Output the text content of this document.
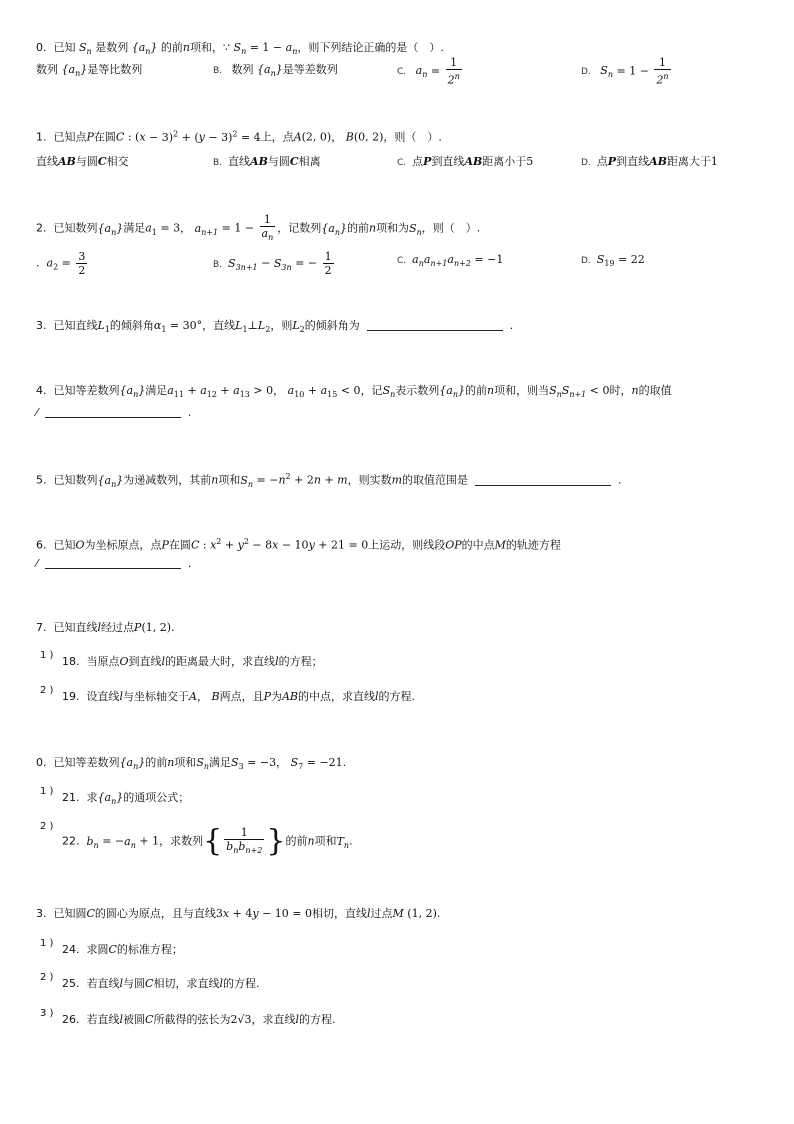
0. 已知 $S_n$ 是数列 $\{a_n\}$ 的前n项和，∵ $S_n = 1 - a_n$，则下列结论正确的是（　）.
数列 $\{a_n\}$是等比数列	B. 数列 $\{a_n\}$是等差数列	C. $a_n = \frac{1}{2^n}$	D. $S_n = 1 - \frac{1}{2^n}$
1. 已知点P在圆C : $(x - 3)^2 + (y - 3)^2 = 4$上，点A(2, 0)， B(0, 2)，则（　）.
直线AB与圆C相交	B. 直线AB与圆C相离	C. 点P到直线AB距离小于5	D. 点P到直线AB距离大于1
2. 已知数列$\{a_n\}$满足$a_1 = 3$， $a_{n+1} = 1 - \frac{1}{a_n}$ ，记数列$\{a_n\}$的前n项和为$S_n$，则（　）.
.  $a_2 = \frac{3}{2}$	B. $S_{3n+1} - S_{3n}$ = − $\frac{1}{2}$	C. $a_na_{n+1}a_{n+2} = -1$	D. $S_{19} = 22$
3. 已知直线$L_1$的倾斜角$\alpha_1 = 30^\circ$，直线$L_1\perp L_2$，则$L_2$的倾斜角为	.
4. 已知等差数列$\{a_n\}$满足$a_{11} + a_{12} + a_{13} > 0$， $a_{10} + a_{15} < 0$，记$S_n$表示数列$\{a_n\}$的前n项和，则当$S_nS_{n+1} < 0$时，n的取值
⁄	.
5. 已知数列$\{a_n\}$为递减数列，其前n项和$S_n = -n^2 + 2n + m$，则实数m的取值范围是	.
6. 已知O为坐标原点，点P在圆C : $x^2 + y^2 - 8x - 10y + 21 = 0$上运动，则线段OP的中点M的轨迹方程
⁄	.
7. 已知直线l经过点P(1, 2).
1 ) 18. 当原点O到直线l的距离最大时，求直线l的方程；
2 ) 19. 设直线l与坐标轴交于A， B两点，且P为AB的中点，求直线l的方程.
0. 已知等差数列$\{a_n\}$的前n项和$S_n$满足$S_3 = -3$， $S_7 = -21$.
1 ) 21. 求$\{a_n\}$的通项公式；
2 )
22. $b_n = -a_n + 1$，求数列{ $\frac{1}{b_nb_{n+2}}$ }的前n项和$T_n$.
3. 已知圆C的圆心为原点，且与直线3x + 4y − 10 = 0相切，直线l过点M (1, 2).
1 ) 24. 求圆C的标准方程；
2 ) 25. 若直线l与圆C相切，求直线l的方程.
3 ) 26. 若直线l被圆C所截得的弦长为2√3，求直线l的方程.
